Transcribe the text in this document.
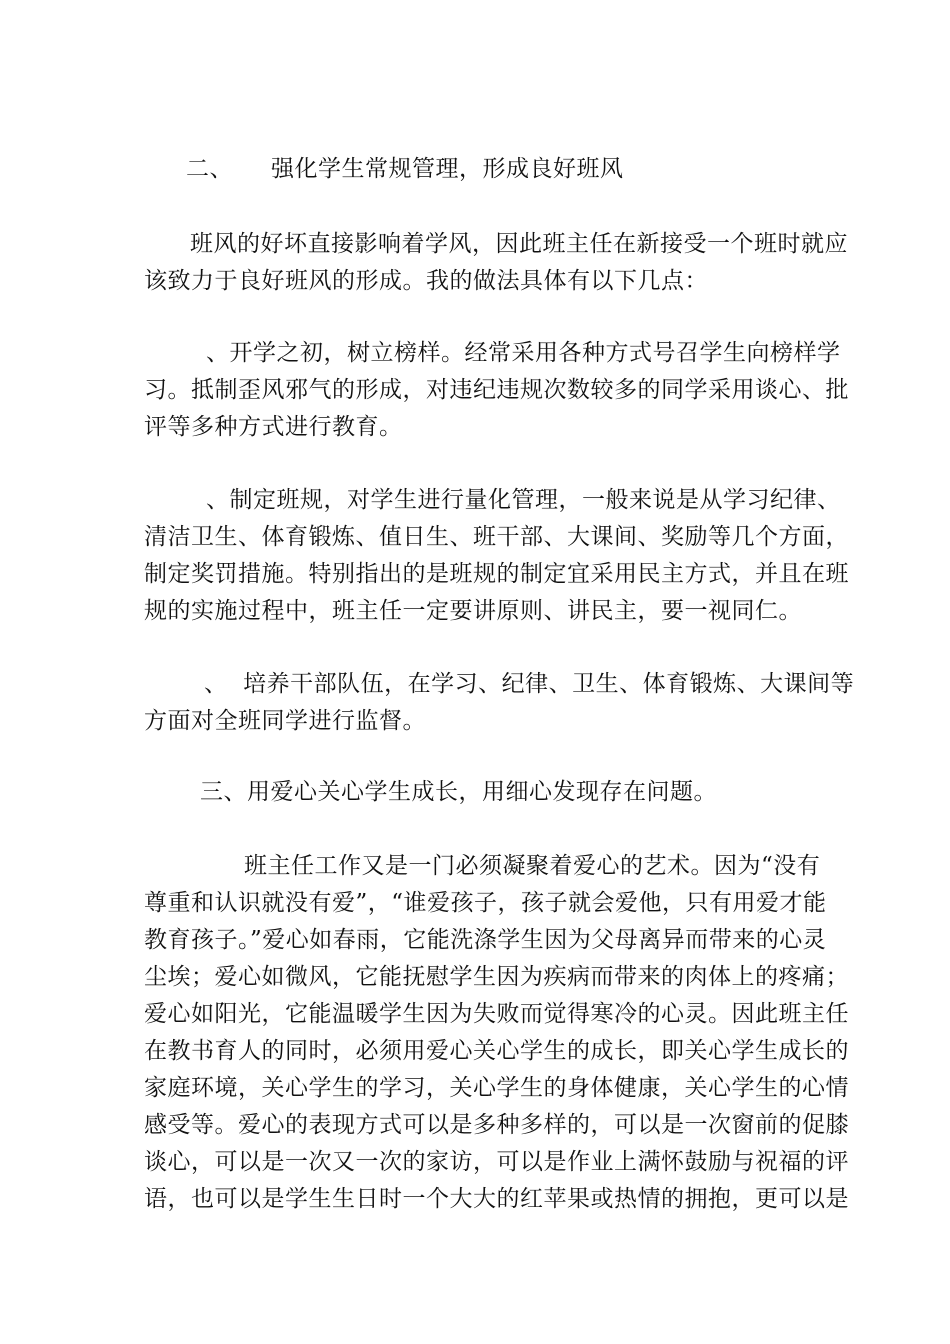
二、 强化学生常规管理，形成良好班风
班风的好坏直接影响着学风，因此班主任在新接受一个班时就应
该致力于良好班风的形成。我的做法具体有以下几点：
、开学之初，树立榜样。经常采用各种方式号召学生向榜样学
习。抵制歪风邪气的形成，对违纪违规次数较多的同学采用谈心、批
评等多种方式进行教育。
、制定班规，对学生进行量化管理，一般来说是从学习纪律、
清洁卫生、体育锻炼、值日生、班干部、大课间、奖励等几个方面，
制定奖罚措施。特别指出的是班规的制定宜采用民主方式，并且在班
规的实施过程中，班主任一定要讲原则、讲民主，要一视同仁。
、  培养干部队伍，在学习、纪律、卫生、体育锻炼、大课间等
方面对全班同学进行监督。
三、用爱心关心学生成长，用细心发现存在问题。
班主任工作又是一门必须凝聚着爱心的艺术。因为“没有
尊重和认识就没有爱”，“谁爱孩子，孩子就会爱他，只有用爱才能
教育孩子。”爱心如春雨，它能洗涤学生因为父母离异而带来的心灵
尘埃；爱心如微风，它能抚慰学生因为疾病而带来的肉体上的疼痛；
爱心如阳光，它能温暖学生因为失败而觉得寒冷的心灵。因此班主任
在教书育人的同时，必须用爱心关心学生的成长，即关心学生成长的
家庭环境，关心学生的学习，关心学生的身体健康，关心学生的心情
感受等。爱心的表现方式可以是多种多样的，可以是一次窗前的促膝
谈心，可以是一次又一次的家访，可以是作业上满怀鼓励与祝福的评
语，也可以是学生生日时一个大大的红苹果或热情的拥抱，更可以是
